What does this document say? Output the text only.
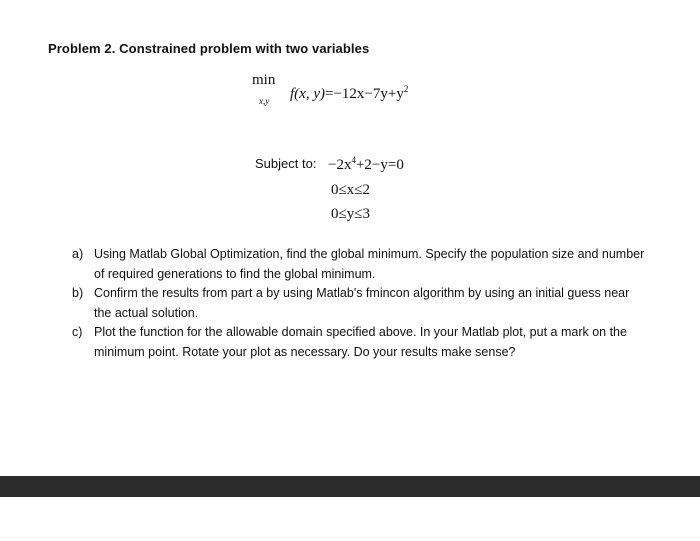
Problem 2. Constrained problem with two variables
min
x,y f(x, $y)=-12x-7y+y^2$
Subject to: $-2x^4+2-y=0$
0≤x≤2
0≤y≤3
a) Using Matlab Global Optimization, find the global minimum. Specify the population size and number of required generations to find the global minimum.
b) Confirm the results from part a by using Matlab's fmincon algorithm by using an initial guess near the actual solution.
c) Plot the function for the allowable domain specified above. In your Matlab plot, put a mark on the minimum point. Rotate your plot as necessary. Do your results make sense?
